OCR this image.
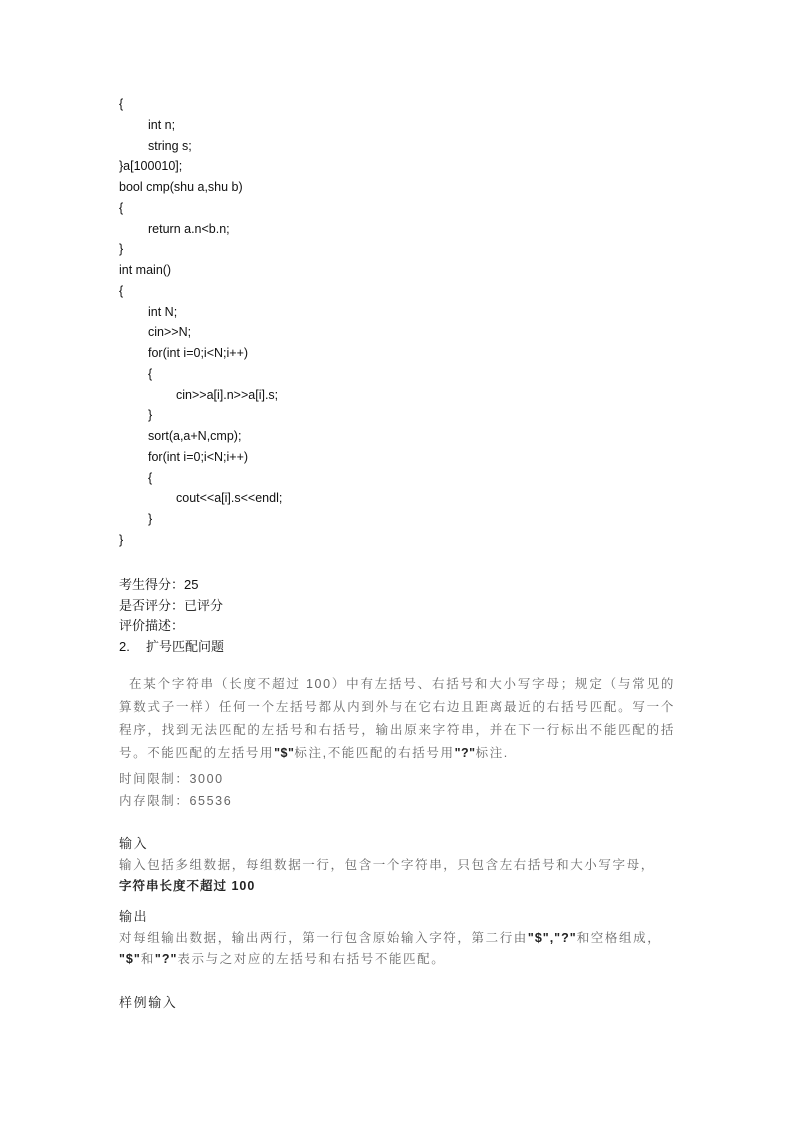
{
int n;
string s;
}a[100010];
bool cmp(shu a,shu b)
{
return a.n<b.n;
}
int main()
{
int N;
cin>>N;
for(int i=0;i<N;i++)
{
cin>>a[i].n>>a[i].s;
}
sort(a,a+N,cmp);
for(int i=0;i<N;i++)
{
cout<<a[i].s<<endl;
}
}
考生得分：25
是否评分：已评分
评价描述：
2.	扩号匹配问题
在某个字符串（长度不超过 100）中有左括号、右括号和大小写字母；规定（与常见的算数式子一样）任何一个左括号都从内到外与在它右边且距离最近的右括号匹配。写一个程序，找到无法匹配的左括号和右括号，输出原来字符串，并在下一行标出不能匹配的括号。不能匹配的左括号用"$"标注,不能匹配的右括号用"?"标注.
时间限制：3000
内存限制：65536
输入
输入包括多组数据，每组数据一行，包含一个字符串，只包含左右括号和大小写字母，
字符串长度不超过 100
输出
对每组输出数据，输出两行，第一行包含原始输入字符，第二行由"$","?"和空格组成，
"$"和"?"表示与之对应的左括号和右括号不能匹配。
样例输入
